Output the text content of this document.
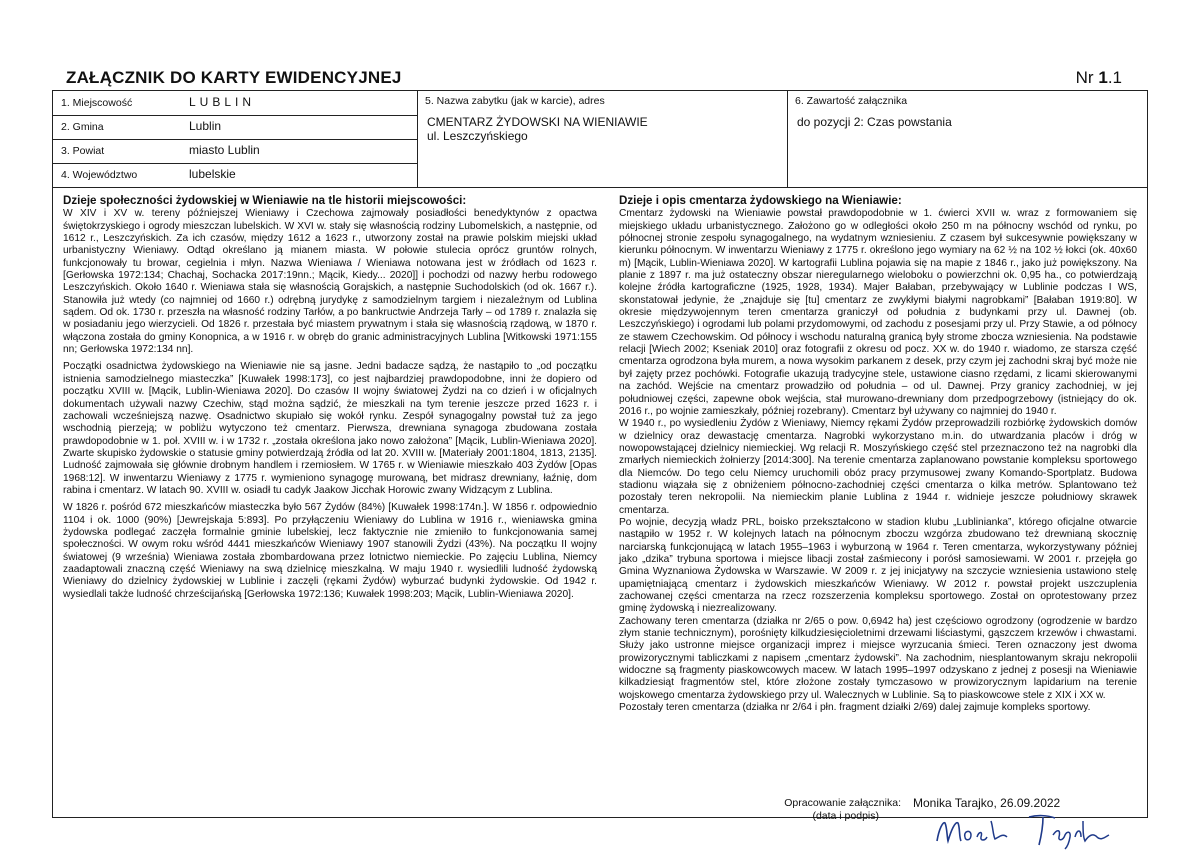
ZAŁĄCZNIK DO KARTY EWIDENCYJNEJ	Nr 1.1
1. Miejscowość	LUBLIN
2. Gmina	Lublin
3. Powiat	miasto Lublin
4. Województwo	lubelskie
5. Nazwa zabytku (jak w karcie), adres
CMENTARZ ŻYDOWSKI NA WIENIAWIE
ul. Leszczyńskiego
6. Zawartość załącznika
do pozycji 2: Czas powstania
Dzieje społeczności żydowskiej w Wieniawie na tle historii miejscowości:

W XIV i XV w. tereny późniejszej Wieniawy i Czechowa zajmowały posiadłości benedyktynów z opactwa świętokrzyskiego i ogrody mieszczan lubelskich. W XVI w. stały się własnością rodziny Lubomelskich, a następnie, od 1612 r., Leszczyńskich. Za ich czasów, między 1612 a 1623 r., utworzony został na prawie polskim miejski układ urbanistyczny Wieniawy. Odtąd określano ją mianem miasta. W połowie stulecia oprócz gruntów rolnych, funkcjonowały tu browar, cegielnia i młyn. Nazwa Wieniawa / Wieniawa notowana jest w źródłach od 1623 r. [Gerłowska 1972:134; Chachaj, Sochacka 2017:19nn.; Mącik, Kiedy... 2020]] i pochodzi od nazwy herbu rodowego Leszczyńskich. Około 1640 r. Wieniawa stała się własnością Gorajskich, a następnie Suchodolskich (od ok. 1667 r.). Stanowiła już wtedy (co najmniej od 1660 r.) odrębną jurydykę z samodzielnym targiem i niezależnym od Lublina sądem. Od ok. 1730 r. przeszła na własność rodziny Tarłów, a po bankructwie Andrzeja Tarły – od 1789 r. znalazła się w posiadaniu jego wierzycieli. Od 1826 r. przestała być miastem prywatnym i stała się własnością rządową, w 1870 r. włączona została do gminy Konopnica, a w 1916 r. w obręb do granic administracyjnych Lublina [Witkowski 1971:155 nn; Gerłowska 1972:134 nn].

Początki osadnictwa żydowskiego na Wieniawie nie są jasne. Jedni badacze sądzą, że nastąpiło to „od początku istnienia samodzielnego miasteczka” [Kuwałek 1998:173], co jest najbardziej prawdopodobne, inni że dopiero od początku XVIII w. [Mącik, Lublin-Wieniawa 2020]. Do czasów II wojny światowej Żydzi na co dzień i w oficjalnych dokumentach używali nazwy Czechiw, stąd można sądzić, że mieszkali na tym terenie jeszcze przed 1623 r. i zachowali wcześniejszą nazwę. Osadnictwo skupiało się wokół rynku. Zespół synagogalny powstał tuż za jego wschodnią pierzeją; w pobliżu wytyczono też cmentarz. Pierwsza, drewniana synagoga zbudowana została prawdopodobnie w 1. poł. XVIII w. i w 1732 r. „została określona jako nowo założona” [Mącik, Lublin-Wieniawa 2020]. Zwarte skupisko żydowskie o statusie gminy potwierdzają źródła od lat 20. XVIII w. [Materiały 2001:1804, 1813, 2135]. Ludność zajmowała się głównie drobnym handlem i rzemiosłem. W 1765 r. w Wieniawie mieszkało 403 Żydów [Opas 1968:12]. W inwentarzu Wieniawy z 1775 r. wymieniono synagogę murowaną, bet midrasz drewniany, łaźnię, dom rabina i cmentarz. W latach 90. XVIII w. osiadł tu cadyk Jaakow Jicchak Horowic zwany Widzącym z Lublina.

W 1826 r. pośród 672 mieszkańców miasteczka było 567 Żydów (84%) [Kuwałek 1998:174n.]. W 1856 r. odpowiednio 1104 i ok. 1000 (90%) [Jewrejskaja 5:893]. Po przyłączeniu Wieniawy do Lublina w 1916 r., wieniawska gmina żydowska podlegać zaczęła formalnie gminie lubelskiej, lecz faktycznie nie zmieniło to funkcjonowania samej społeczności. W owym roku wśród 4441 mieszkańców Wieniawy 1907 stanowili Żydzi (43%). Na początku II wojny światowej (9 września) Wieniawa została zbombardowana przez lotnictwo niemieckie. Po zajęciu Lublina, Niemcy zaadaptowali znaczną część Wieniawy na swą dzielnicę mieszkalną. W maju 1940 r. wysiedlili ludność żydowską Wieniawy do dzielnicy żydowskiej w Lublinie i zaczęli (rękami Żydów) wyburzać budynki żydowskie. Od 1942 r. wysiedlali także ludność chrześcijańską [Gerłowska 1972:136; Kuwałek 1998:203; Mącik, Lublin-Wieniawa 2020].

Dzieje i opis cmentarza żydowskiego na Wieniawie:

Cmentarz żydowski na Wieniawie powstał prawdopodobnie w 1. ćwierci XVII w. wraz z formowaniem się miejskiego układu urbanistycznego. Założono go w odległości około 250 m na północny wschód od rynku, po północnej stronie zespołu synagogalnego, na wydatnym wzniesieniu. Z czasem był sukcesywnie powiększany w kierunku północnym. W inwentarzu Wieniawy z 1775 r. określono jego wymiary na 62 ½ na 102 ½ łokci (ok. 40x60 m) [Mącik, Lublin-Wieniawa 2020]. W kartografii Lublina pojawia się na mapie z 1846 r., jako już powiększony. Na planie z 1897 r. ma już ostateczny obszar nieregularnego wieloboku o powierzchni ok. 0,95 ha., co potwierdzają kolejne źródła kartograficzne (1925, 1928, 1934). Majer Bałaban, przebywający w Lublinie podczas I WS, skonstatował jedynie, że „znajduje się [tu] cmentarz ze zwykłymi białymi nagrobkami” [Bałaban 1919:80]. W okresie międzywojennym teren cmentarza graniczył od południa z budynkami przy ul. Dawnej (ob. Leszczyńskiego) i ogrodami lub polami przydomowymi, od zachodu z posesjami przy ul. Przy Stawie, a od północy ze stawem Czechowskim. Od północy i wschodu naturalną granicą były strome zbocza wzniesienia. Na podstawie relacji [Wiech 2002; Kseniak 2010] oraz fotografii z okresu od pocz. XX w. do 1940 r. wiadomo, ze starsza część cmentarza ogrodzona była murem, a nowa wysokim parkanem z desek, przy czym jej zachodni skraj być może nie był zajęty przez pochówki. Fotografie ukazują tradycyjne stele, ustawione ciasno rzędami, z licami skierowanymi na zachód. Wejście na cmentarz prowadziło od południa – od ul. Dawnej. Przy granicy zachodniej, w jej południowej części, zapewne obok wejścia, stał murowano-drewniany dom przedpogrzebowy (istniejący do ok. 2016 r., po wojnie zamieszkały, później rozebrany). Cmentarz był używany co najmniej do 1940 r.

W 1940 r., po wysiedleniu Żydów z Wieniawy, Niemcy rękami Żydów przeprowadzili rozbiórkę żydowskich domów w dzielnicy oraz dewastację cmentarza. Nagrobki wykorzystano m.in. do utwardzania placów i dróg w nowopowstającej dzielnicy niemieckiej. Wg relacji R. Moszyńskiego część stel przeznaczono też na nagrobki dla zmarłych niemieckich żołnierzy [2014:300]. Na terenie cmentarza zaplanowano powstanie kompleksu sportowego dla Niemców. Do tego celu Niemcy uruchomili obóz pracy przymusowej zwany Komando-Sportplatz. Budowa stadionu wiązała się z obniżeniem północno-zachodniej części cmentarza o kilka metrów. Splantowano też pozostały teren nekropolii. Na niemieckim planie Lublina z 1944 r. widnieje jeszcze południowy skrawek cmentarza.

Po wojnie, decyzją władz PRL, boisko przekształcono w stadion klubu „Lublinianka”, którego oficjalne otwarcie nastąpiło w 1952 r. W kolejnych latach na północnym zboczu wzgórza zbudowano też drewnianą skocznię narciarską funkcjonującą w latach 1955–1963 i wyburzoną w 1964 r. Teren cmentarza, wykorzystywany później jako „dzika” trybuna sportowa i miejsce libacji został zaśmiecony i porósł samosiewami. W 2001 r. przejęła go Gmina Wyznaniowa Żydowska w Warszawie. W 2009 r. z jej inicjatywy na szczycie wzniesienia ustawiono stelę upamiętniającą cmentarz i żydowskich mieszkańców Wieniawy. W 2012 r. powstał projekt uszczuplenia zachowanej części cmentarza na rzecz rozszerzenia kompleksu sportowego. Został on oprotestowany przez gminę żydowską i niezrealizowany.

Zachowany teren cmentarza (działka nr 2/65 o pow. 0,6942 ha) jest częściowo ogrodzony (ogrodzenie w bardzo złym stanie technicznym), porośnięty kilkudziesięcioletnimi drzewami liściastymi, gąszczem krzewów i chwastami. Służy jako ustronne miejsce organizacji imprez i miejsce wyrzucania śmieci. Teren oznaczony jest dwoma prowizorycznymi tabliczkami z napisem „cmentarz żydowski”. Na zachodnim, niesplantowanym skraju nekropolii widoczne są fragmenty piaskowcowych macew. W latach 1995–1997 odzyskano z jednej z posesji na Wieniawie kilkadziesiąt fragmentów stel, które złożone zostały tymczasowo w prowizorycznym lapidarium na terenie wojskowego cmentarza żydowskiego przy ul. Walecznych w Lublinie. Są to piaskowcowe stele z XIX i XX w.

Pozostały teren cmentarza (działka nr 2/64 i płn. fragment działki 2/69) dalej zajmuje kompleks sportowy.

Opracowanie załącznika:
(data i podpis)
Monika Tarajko, 26.09.2022
